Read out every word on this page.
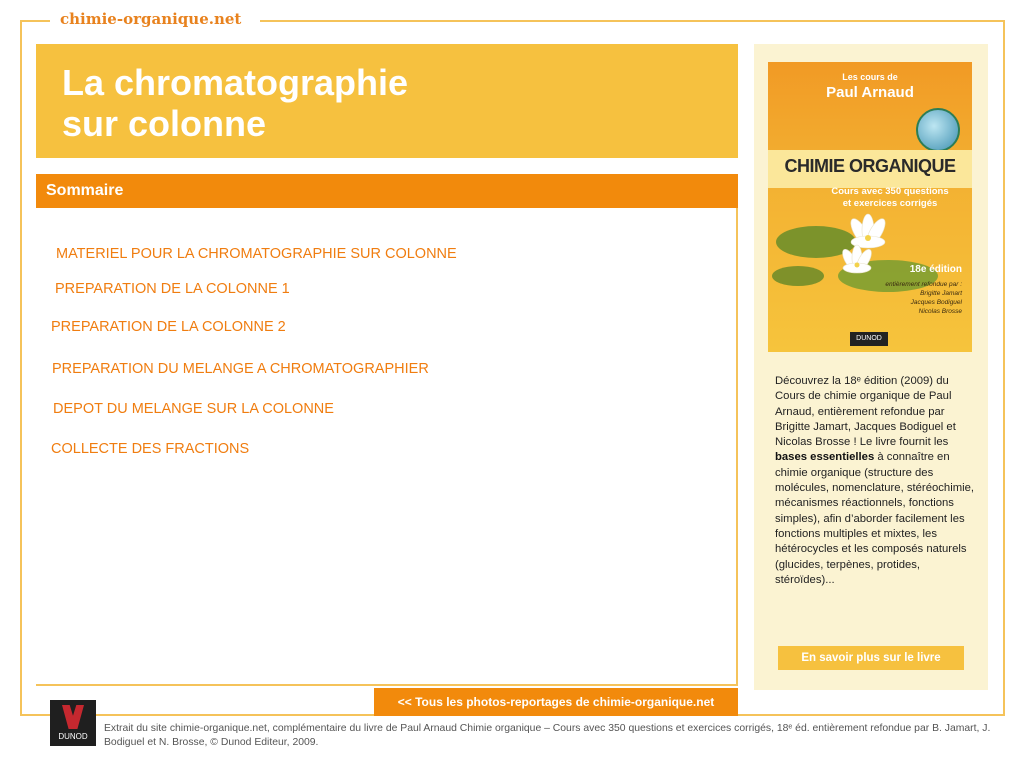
chimie-organique.net
La chromatographie
sur colonne
Sommaire
MATERIEL POUR LA CHROMATOGRAPHIE SUR COLONNE
PREPARATION DE LA COLONNE 1
PREPARATION DE LA COLONNE 2
PREPARATION DU MELANGE A CHROMATOGRAPHIER
DEPOT DU MELANGE SUR LA COLONNE
COLLECTE DES FRACTIONS
Les cours de
Paul Arnaud
CHIMIE ORGANIQUE
Cours avec 350 questions
et exercices corrigés
18e édition
entièrement refondue par :
Brigitte Jamart
Jacques Bodiguel
Nicolas Brosse
DUNOD
Découvrez la 18ᵉ édition (2009) du Cours de chimie organique de Paul Arnaud, entièrement refondue par Brigitte Jamart, Jacques Bodiguel et Nicolas Brosse ! Le livre fournit les bases essentielles à connaître en chimie organique (structure des molécules, nomenclature, stéréochimie, mécanismes réactionnels, fonctions simples), afin d’aborder facilement les fonctions multiples et mixtes, les hétérocycles et les composés naturels (glucides, terpènes, protides, stéroïdes)...
En savoir plus sur le livre
<< Tous les photos-reportages de chimie-organique.net
DUNOD
Extrait du site chimie-organique.net, complémentaire du livre de Paul Arnaud Chimie organique – Cours avec 350 questions et exercices corrigés, 18ᵉ éd. entièrement refondue par B. Jamart, J. Bodiguel et N. Brosse, © Dunod Editeur, 2009.
